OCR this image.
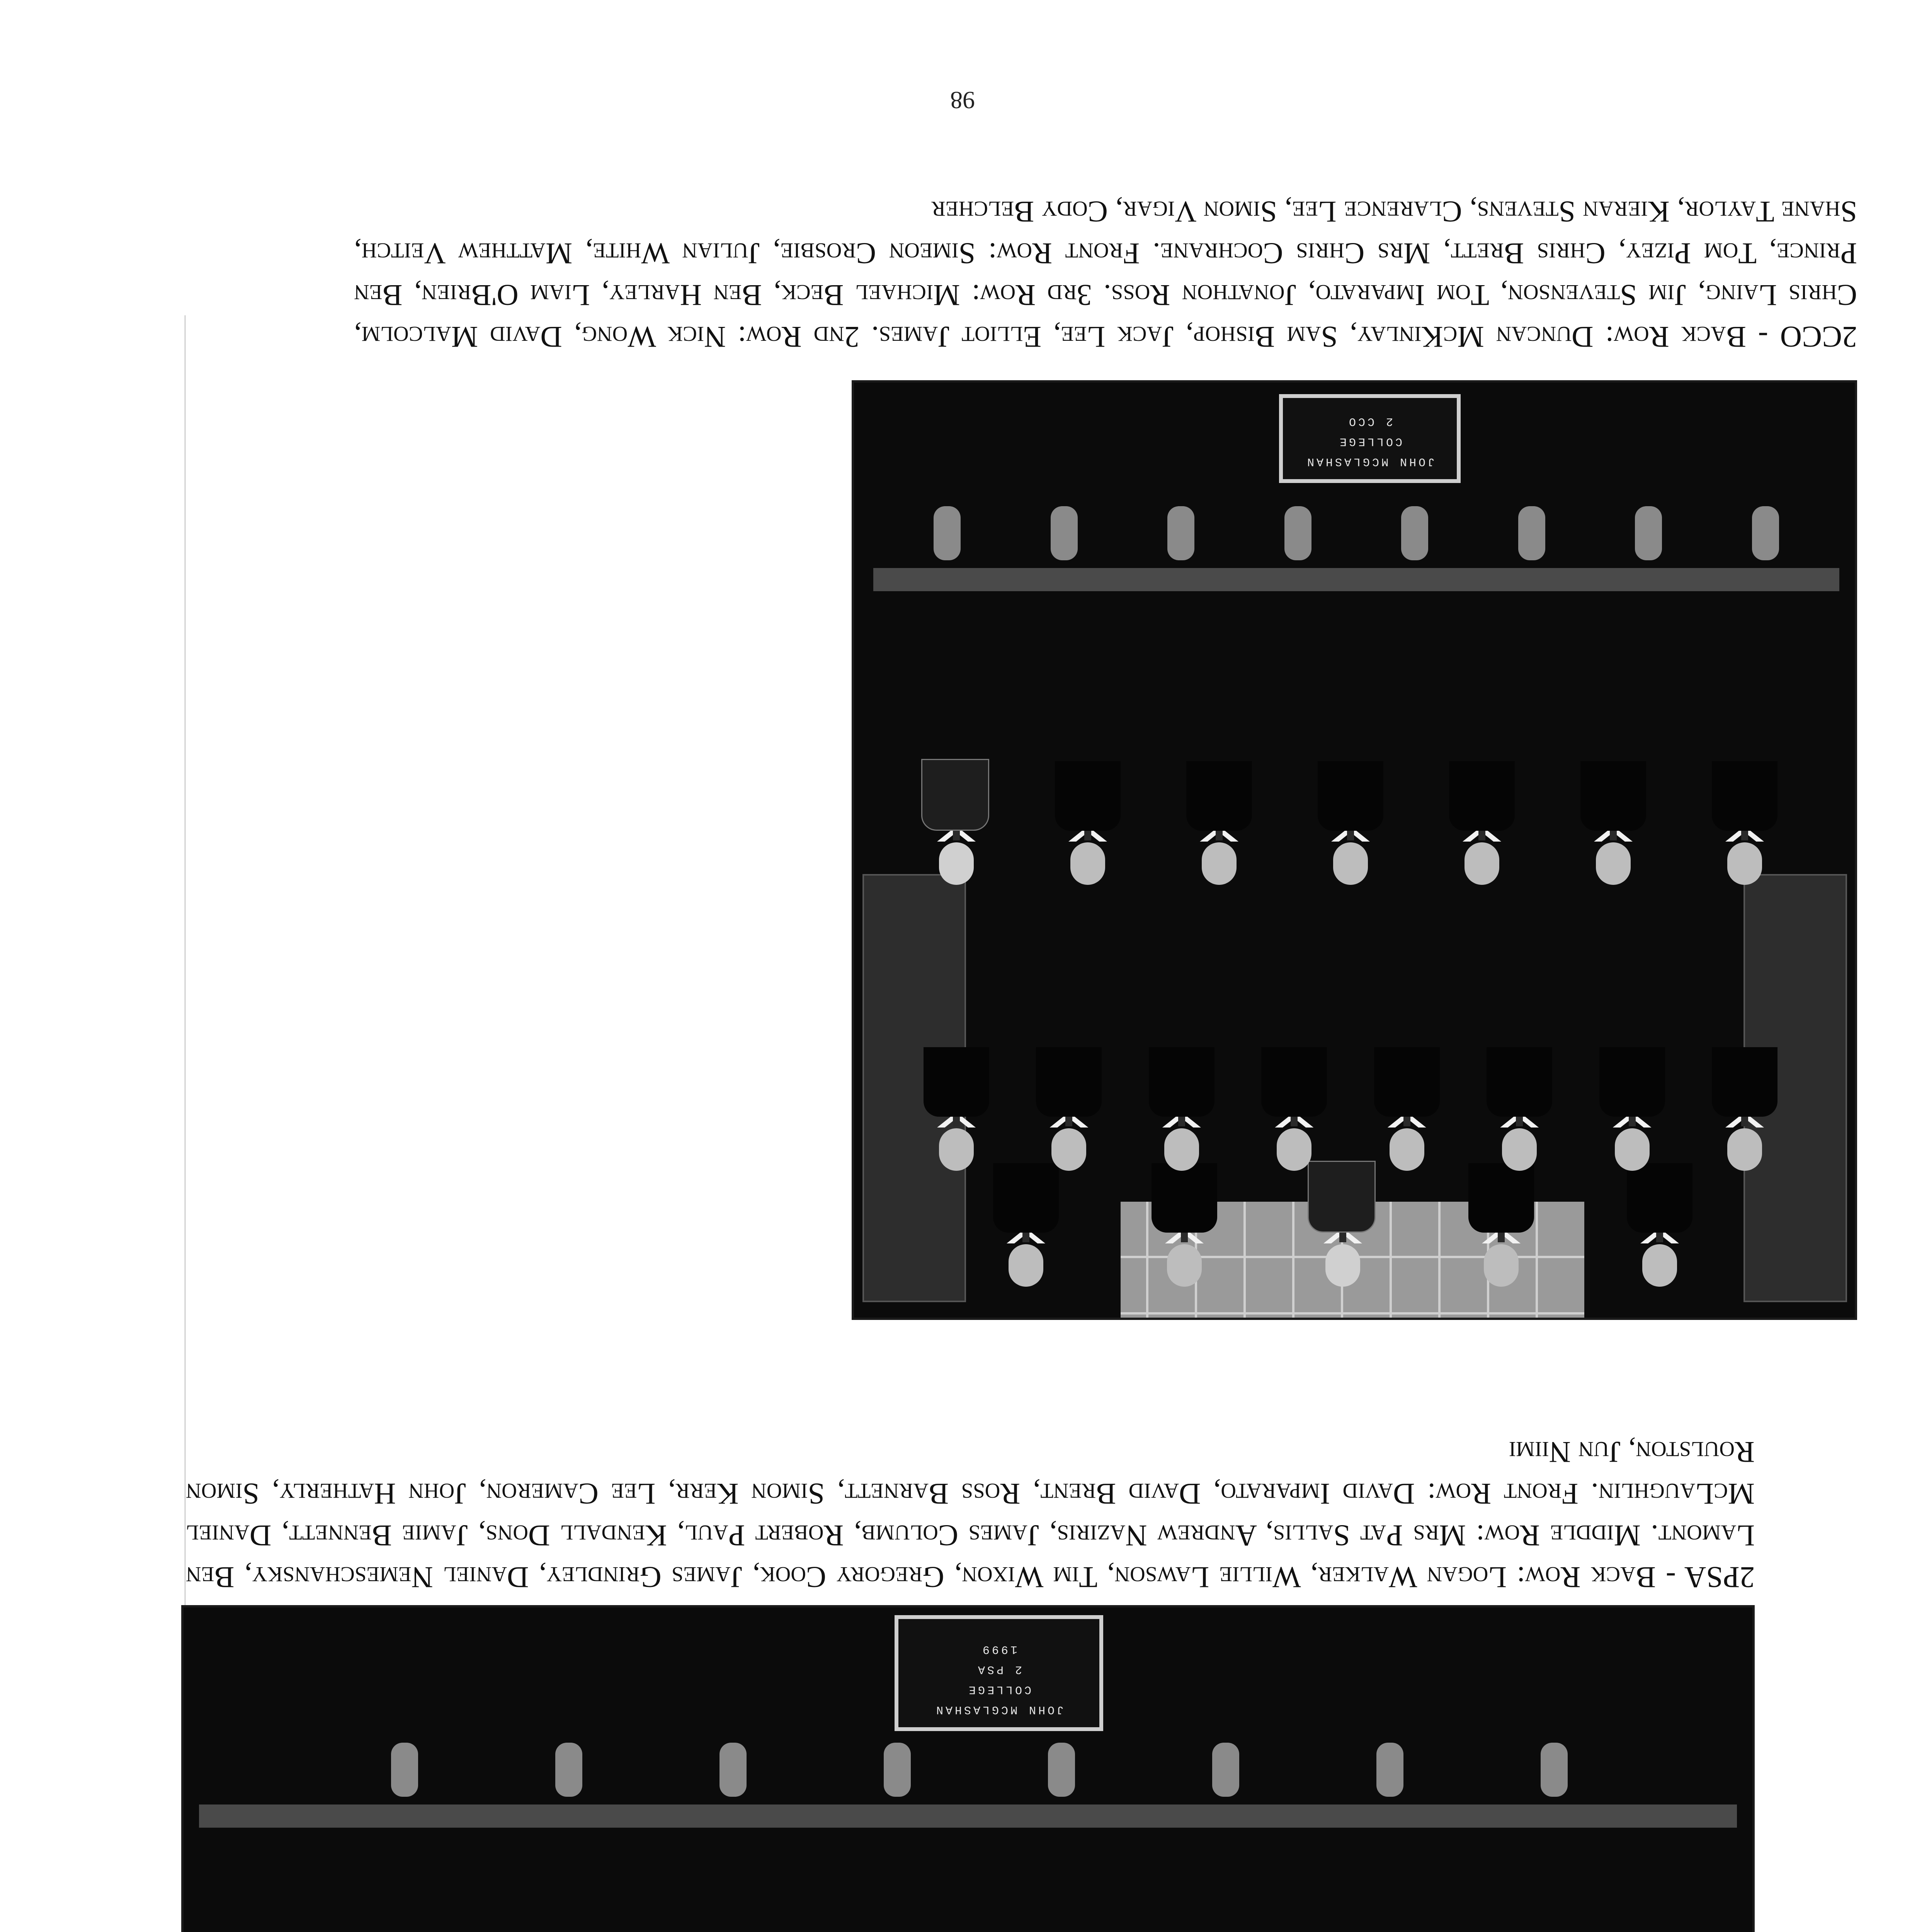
98
JOHN MCGLASHAN
COLLEGE
2 CCO
2CCO - Back Row: Duncan McKinlay, Sam Bishop, Jack Lee, Elliot James. 2nd Row: Nick Wong, David Malcolm, Chris Laing, Jim Stevenson, Tom Imparato, Jonathon Ross. 3rd Row: Michael Beck, Ben Harley, Liam O'Brien, Ben Prince, Tom Pizey, Chris Brett, Mrs Chris Cochrane. Front Row: Simeon Crosbie, Julian White, Matthew Veitch, Shane Taylor, Kieran Stevens, Clarence Lee, Simon Vigar, Cody Belcher
JOHN MCGLASHAN
COLLEGE
2 PSA
1999
2PSA - Back Row: Logan Walker, Willie Lawson, Tim Wixon, Gregory Cook, James Grindley, Daniel Nemeschansky, Ben Lamont. Middle Row: Mrs Pat Sallis, Andrew Naziris, James Columb, Robert Paul, Kendall Dons, Jamie Bennett, Daniel McLaughlin. Front Row: David Imparato, David Brent, Ross Barnett, Simon Kerr, Lee Cameron, John Hatherly, Simon Roulston, Jun Niimi
